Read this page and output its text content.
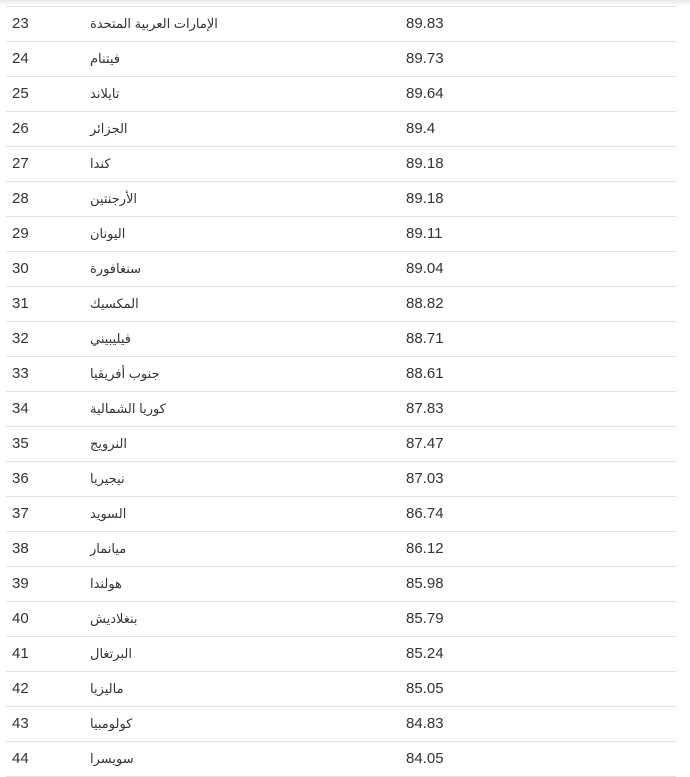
23	الإمارات العربية المتحدة	89.83
24	فيتنام	89.73
25	تايلاند	89.64
26	الجزائر	89.4
27	كندا	89.18
28	الأرجنتين	89.18
29	اليونان	89.11
30	سنغافورة	89.04
31	المكسيك	88.82
32	فيليبيني	88.71
33	جنوب أفريقيا	88.61
34	كوريا الشمالية	87.83
35	النرويج	87.47
36	نيجيريا	87.03
37	السويد	86.74
38	ميانمار	86.12
39	هولندا	85.98
40	بنغلاديش	85.79
41	البرتغال	85.24
42	ماليزيا	85.05
43	كولومبيا	84.83
44	سويسرا	84.05
